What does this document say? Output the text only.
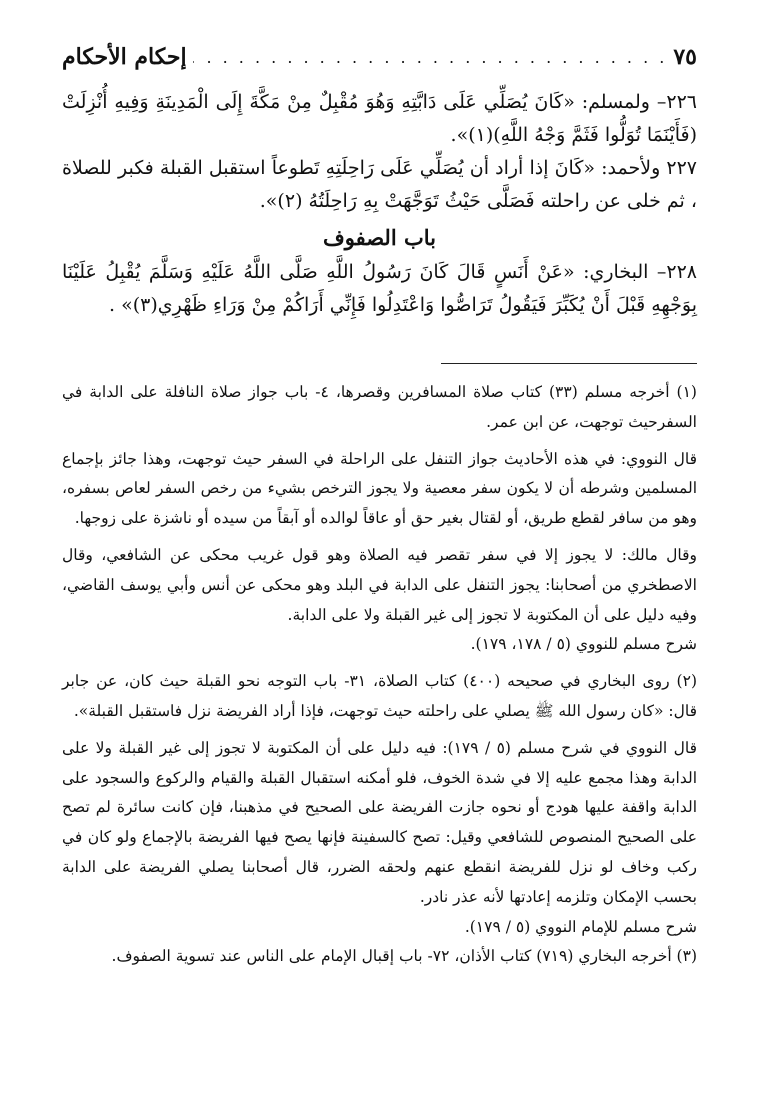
٧٥
. . .
إحكام الأحكام

٢٢٦– ولمسلم: «كَانَ يُصَلِّي عَلَى دَابَّتِهِ وَهُوَ مُقْبِلٌ مِنْ مَكَّةَ إِلَى الْمَدِينَةِ وَفِيهِ أُنْزِلَتْ (فَأَيْنَمَا تُوَلُّوا فَثَمَّ وَجْهُ اللَّهِ)(١)».

٢٢٧ ولأحمد: «كَانَ إذا أراد أن يُصَلِّي عَلَى رَاحِلَتِهِ تَطوعاً استقبل القبلة فكبر للصلاة ، ثم خلى عن راحلته فَصَلَّى حَيْثُ تَوَجَّهَتْ بِهِ رَاحِلَتُهُ (٢)».

باب الصفوف

٢٢٨– البخاري: «عَنْ أَنَسٍ قَالَ كَانَ رَسُولُ اللَّهِ صَلَّى اللَّهُ عَلَيْهِ وَسَلَّمَ يُقْبِلُ عَلَيْنَا بِوَجْهِهِ قَبْلَ أَنْ يُكَبِّرَ فَيَقُولُ تَرَاصُّوا وَاعْتَدِلُوا فَإِنِّي أَرَاكُمْ مِنْ وَرَاءِ ظَهْرِي(٣)» .

(١) أخرجه مسلم (٣٣) كتاب صلاة المسافرين وقصرها، ٤- باب جواز صلاة النافلة على الدابة في السفرحيث توجهت، عن ابن عمر.

قال النووي: في هذه الأحاديث جواز التنفل على الراحلة في السفر حيث توجهت، وهذا جائز بإجماع المسلمين وشرطه أن لا يكون سفر معصية ولا يجوز الترخص بشيء من رخص السفر لعاص بسفره، وهو من سافر لقطع طريق، أو لقتال بغير حق أو عاقاً لوالده أو آبقاً من سيده أو ناشزة على زوجها.

وقال مالك: لا يجوز إلا في سفر تقصر فيه الصلاة وهو قول غريب محكى عن الشافعي، وقال الاصطخري من أصحابنا: يجوز التنفل على الدابة في البلد وهو محكى عن أنس وأبي يوسف القاضي، وفيه دليل على أن المكتوبة لا تجوز إلى غير القبلة ولا على الدابة.

شرح مسلم للنووي (٥ / ١٧٨، ١٧٩).

(٢) روى البخاري في صحيحه (٤٠٠) كتاب الصلاة، ٣١- باب التوجه نحو القبلة حيث كان، عن جابر قال: «كان رسول الله ﷺ يصلي على راحلته حيث توجهت، فإذا أراد الفريضة نزل فاستقبل القبلة».

قال النووي في شرح مسلم (٥ / ١٧٩): فيه دليل على أن المكتوبة لا تجوز إلى غير القبلة ولا على الدابة وهذا مجمع عليه إلا في شدة الخوف، فلو أمكنه استقبال القبلة والقيام والركوع والسجود على الدابة واقفة عليها هودج أو نحوه جازت الفريضة على الصحيح في مذهبنا، فإن كانت سائرة لم تصح على الصحيح المنصوص للشافعي وقيل: تصح كالسفينة فإنها يصح فيها الفريضة بالإجماع ولو كان في ركب وخاف لو نزل للفريضة انقطع عنهم ولحقه الضرر، قال أصحابنا يصلي الفريضة على الدابة بحسب الإمكان وتلزمه إعادتها لأنه عذر نادر.

شرح مسلم للإمام النووي (٥ / ١٧٩).

(٣) أخرجه البخاري (٧١٩) كتاب الأذان، ٧٢- باب إقبال الإمام على الناس عند تسوية الصفوف.
